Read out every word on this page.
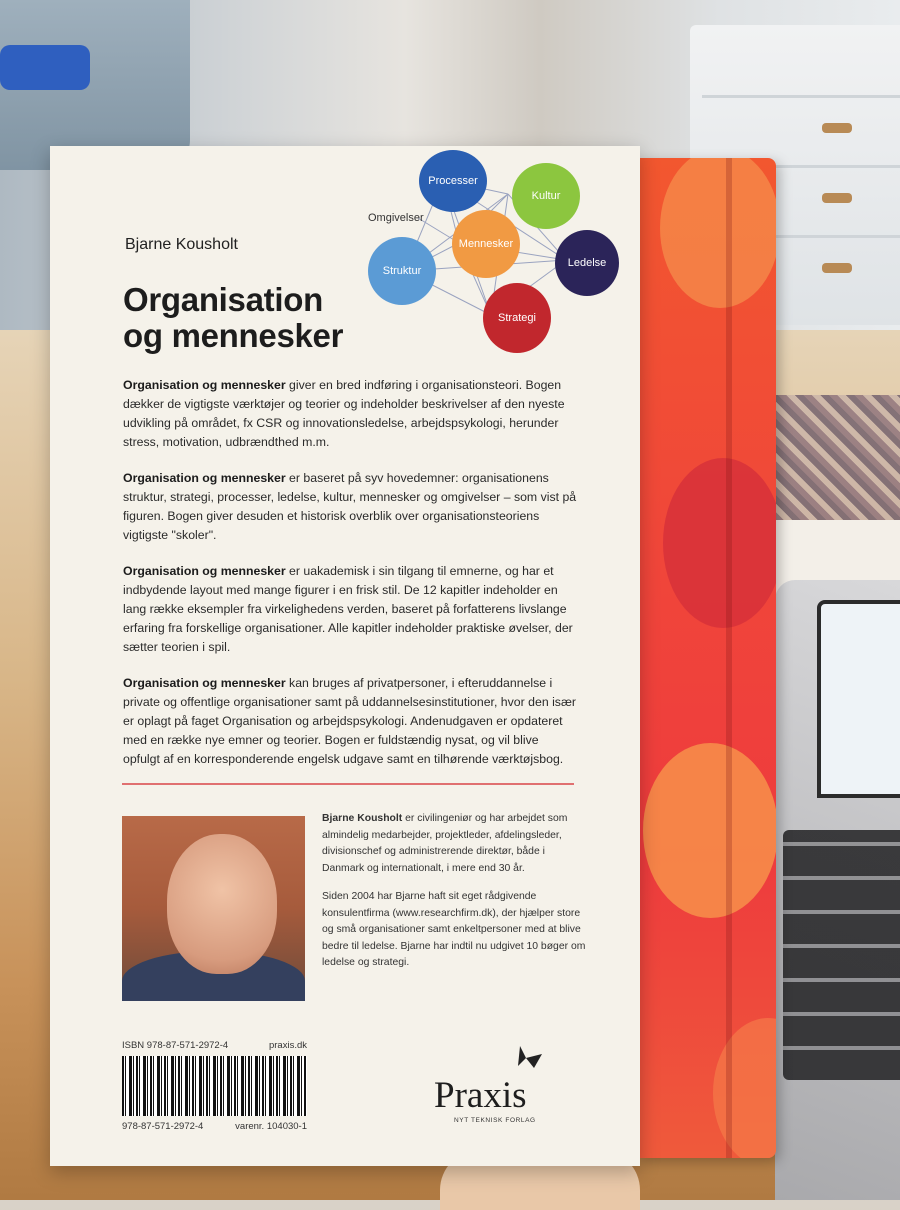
Bjarne Kousholt
Organisation
og mennesker
Omgivelser
Processer
Kultur
Mennesker
Ledelse
Struktur
Strategi

Organisation og mennesker giver en bred indføring i organisationsteori. Bogen dækker de vigtigste værktøjer og teorier og indeholder beskrivelser af den nyeste udvikling på området, fx CSR og innovationsledelse, arbejdspsykologi, herunder stress, motivation, udbrændthed m.m.

Organisation og mennesker er baseret på syv hovedemner: organisationens struktur, strategi, processer, ledelse, kultur, mennesker og omgivelser – som vist på figuren. Bogen giver desuden et historisk overblik over organisationsteoriens vigtigste "skoler".

Organisation og mennesker er uakademisk i sin tilgang til emnerne, og har et indbydende layout med mange figurer i en frisk stil. De 12 kapitler indeholder en lang række eksempler fra virkelighedens verden, baseret på forfatterens livslange erfaring fra forskellige organisationer. Alle kapitler indeholder praktiske øvelser, der sætter teorien i spil.

Organisation og mennesker kan bruges af privatpersoner, i efteruddannelse i private og offentlige organisationer samt på uddannelsesinstitutioner, hvor den især er oplagt på faget Organisation og arbejdspsykologi. Andenudgaven er opdateret med en række nye emner og teorier. Bogen er fuldstændig nysat, og vil blive opfulgt af en korresponderende engelsk udgave samt en tilhørende værktøjsbog.

Bjarne Kousholt er civilingeniør og har arbejdet som almindelig medarbejder, projektleder, afdelingsleder, divisionschef og administrerende direktør, både i Danmark og internationalt, i mere end 30 år.

Siden 2004 har Bjarne haft sit eget rådgivende konsulentfirma (www.researchfirm.dk), der hjælper store og små organisationer samt enkeltpersoner med at blive bedre til ledelse. Bjarne har indtil nu udgivet 10 bøger om ledelse og strategi.

ISBN 978-87-571-2972-4	praxis.dk
978-87-571-2972-4	varenr. 104030-1
Praxis
NYT TEKNISK FORLAG
